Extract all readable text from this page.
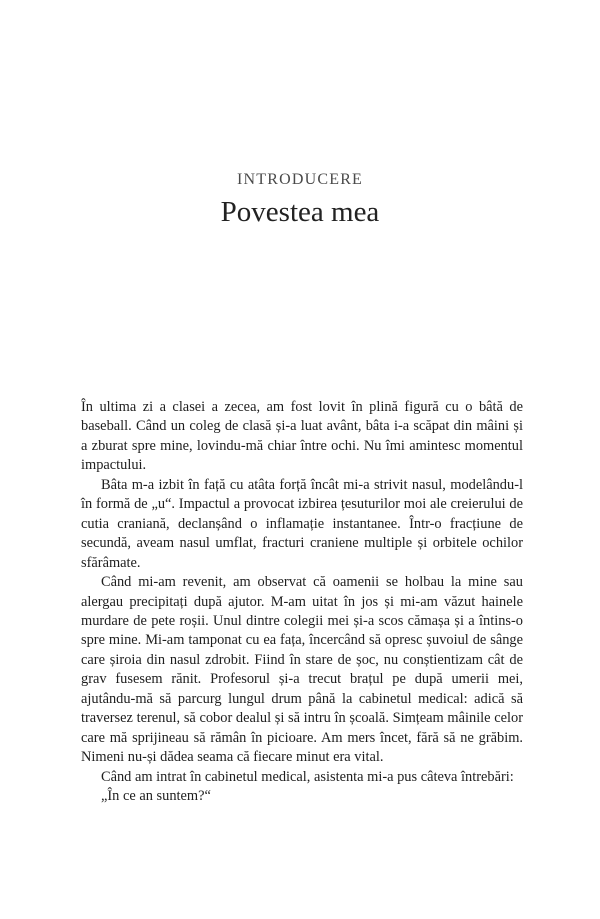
INTRODUCERE
Povestea mea

În ultima zi a clasei a zecea, am fost lovit în plină figură cu o bâtă de baseball. Când un coleg de clasă și-a luat avânt, bâta i-a scăpat din mâini și a zburat spre mine, lovindu-mă chiar între ochi. Nu îmi amintesc momentul impactului.

Bâta m-a izbit în față cu atâta forță încât mi-a strivit nasul, modelându-l în formă de „u“. Impactul a provocat izbirea țesuturilor moi ale creierului de cutia craniană, declanșând o inflamație instantanee. Într-o fracțiune de secundă, aveam nasul umflat, fracturi craniene multiple și orbitele ochilor sfărâmate.

Când mi-am revenit, am observat că oamenii se holbau la mine sau alergau precipitați după ajutor. M-am uitat în jos și mi-am văzut hainele murdare de pete roșii. Unul dintre colegii mei și-a scos cămașa și a întins-o spre mine. Mi-am tamponat cu ea fața, încercând să opresc șuvoiul de sânge care șiroia din nasul zdrobit. Fiind în stare de șoc, nu conștientizam cât de grav fusesem rănit. Profesorul și-a trecut brațul pe după umerii mei, ajutându-mă să parcurg lungul drum până la cabinetul medical: adică să traversez terenul, să cobor dealul și să intru în școală. Simțeam mâinile celor care mă sprijineau să rămân în picioare. Am mers încet, fără să ne grăbim. Nimeni nu-și dădea seama că fiecare minut era vital.

Când am intrat în cabinetul medical, asistenta mi-a pus câteva întrebări:

„În ce an suntem?“
